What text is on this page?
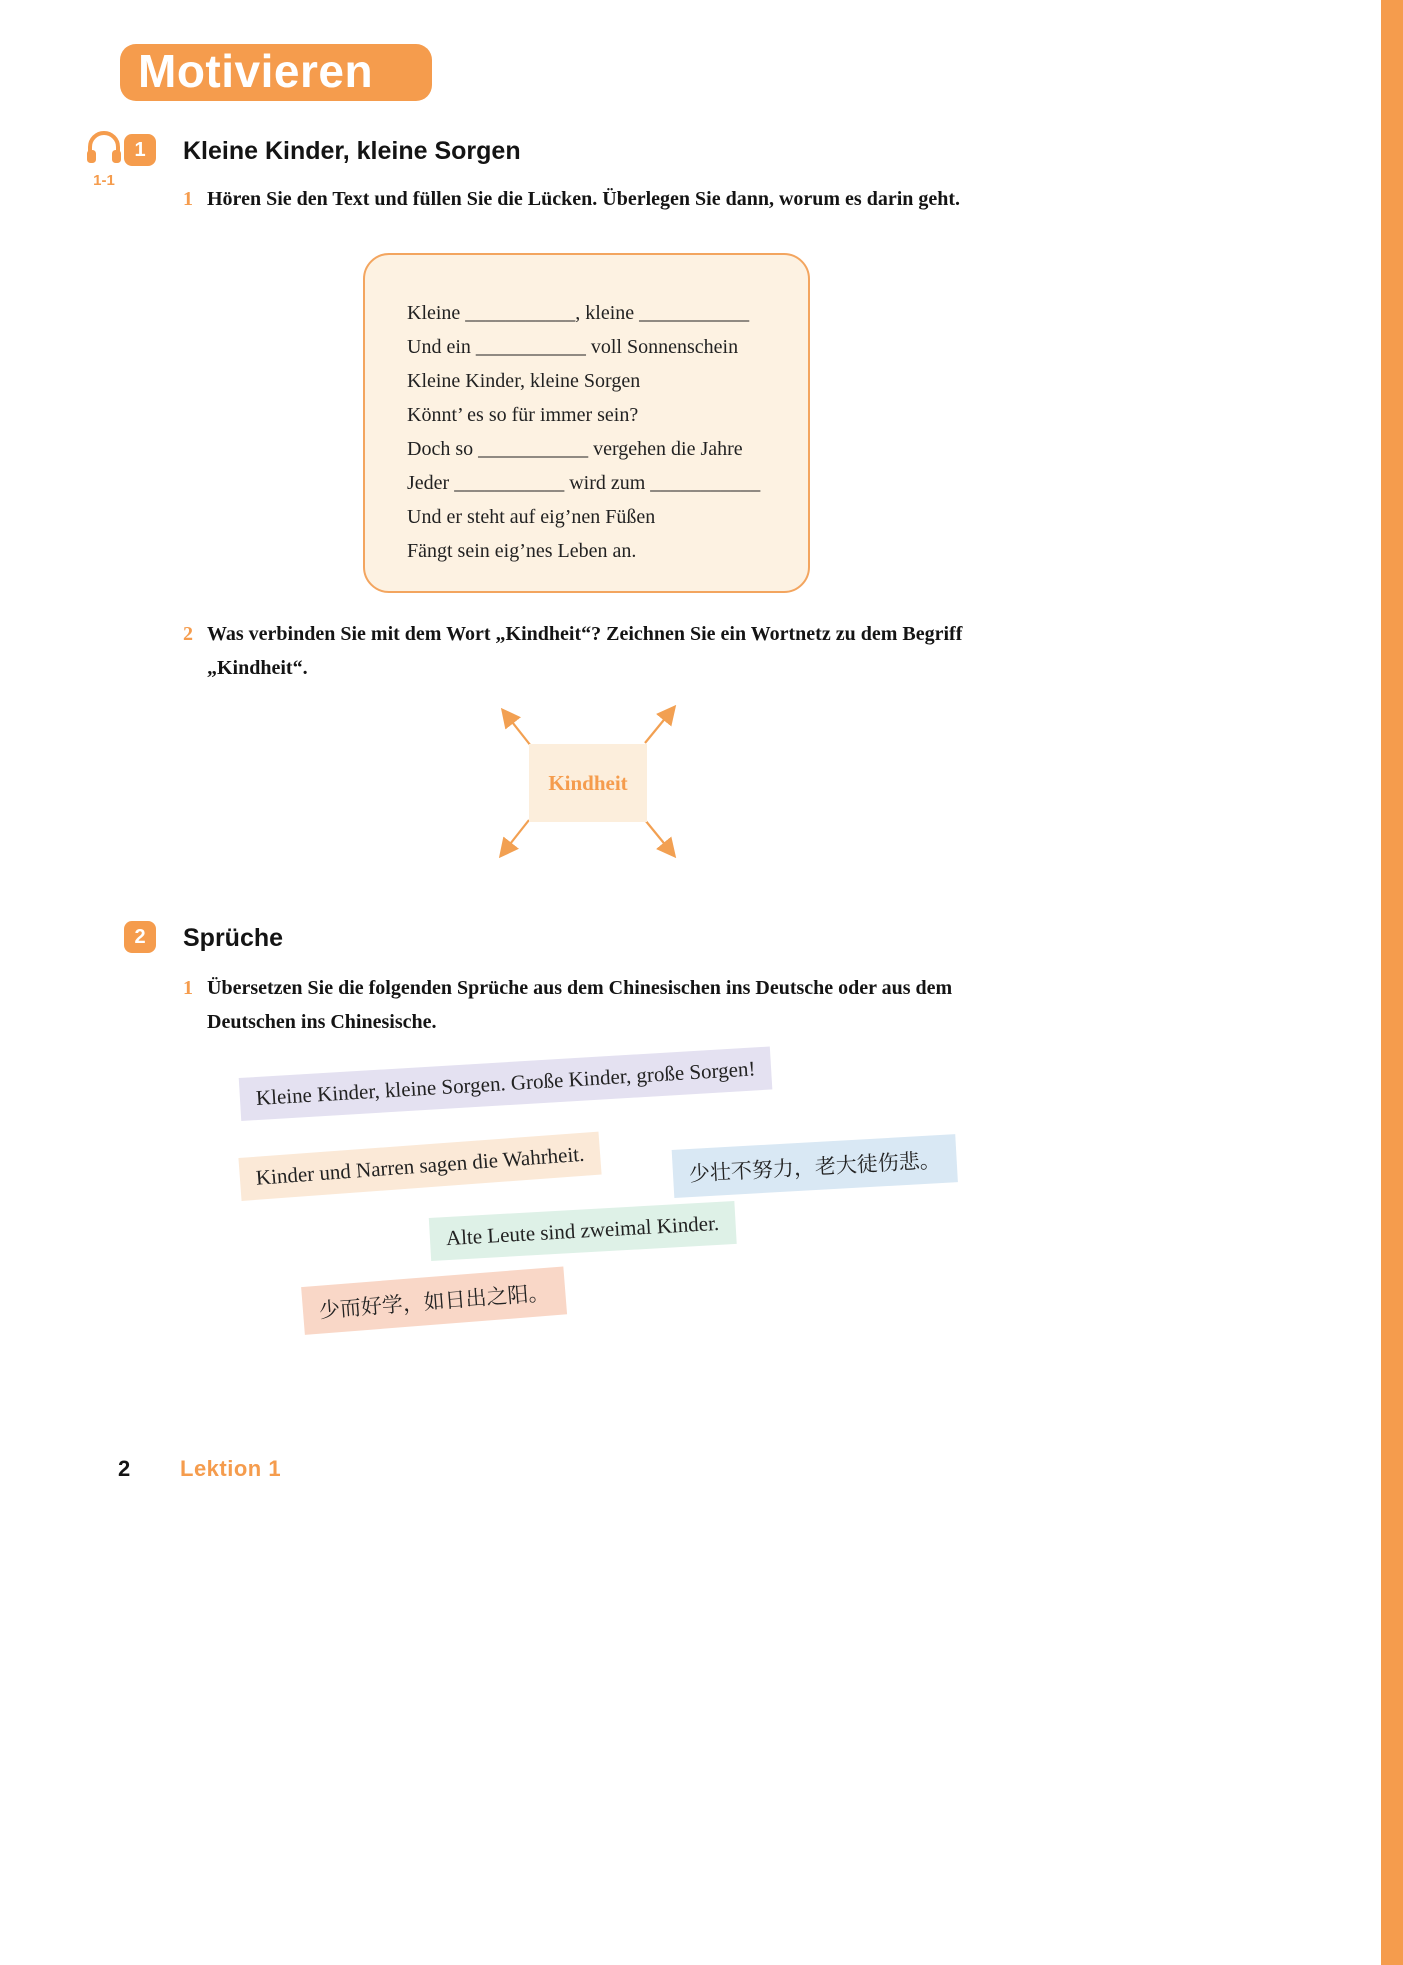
Motivieren
1-1
1	Kleine Kinder, kleine Sorgen
1 Hören Sie den Text und füllen Sie die Lücken. Überlegen Sie dann, worum es darin geht.
Kleine ___________, kleine ___________
Und ein ___________ voll Sonnenschein
Kleine Kinder, kleine Sorgen
Könnt’ es so für immer sein?
Doch so ___________ vergehen die Jahre
Jeder ___________ wird zum ___________
Und er steht auf eig’nen Füßen
Fängt sein eig’nes Leben an.
2 Was verbinden Sie mit dem Wort „Kindheit“? Zeichnen Sie ein Wortnetz zu dem Begriff „Kindheit“.
Kindheit
2	Sprüche
1 Übersetzen Sie die folgenden Sprüche aus dem Chinesischen ins Deutsche oder aus dem Deutschen ins Chinesische.
Kleine Kinder, kleine Sorgen. Große Kinder, große Sorgen!
Kinder und Narren sagen die Wahrheit.	少壮不努力，老大徒伤悲。
Alte Leute sind zweimal Kinder.
少而好学，如日出之阳。
2 Lektion 1
